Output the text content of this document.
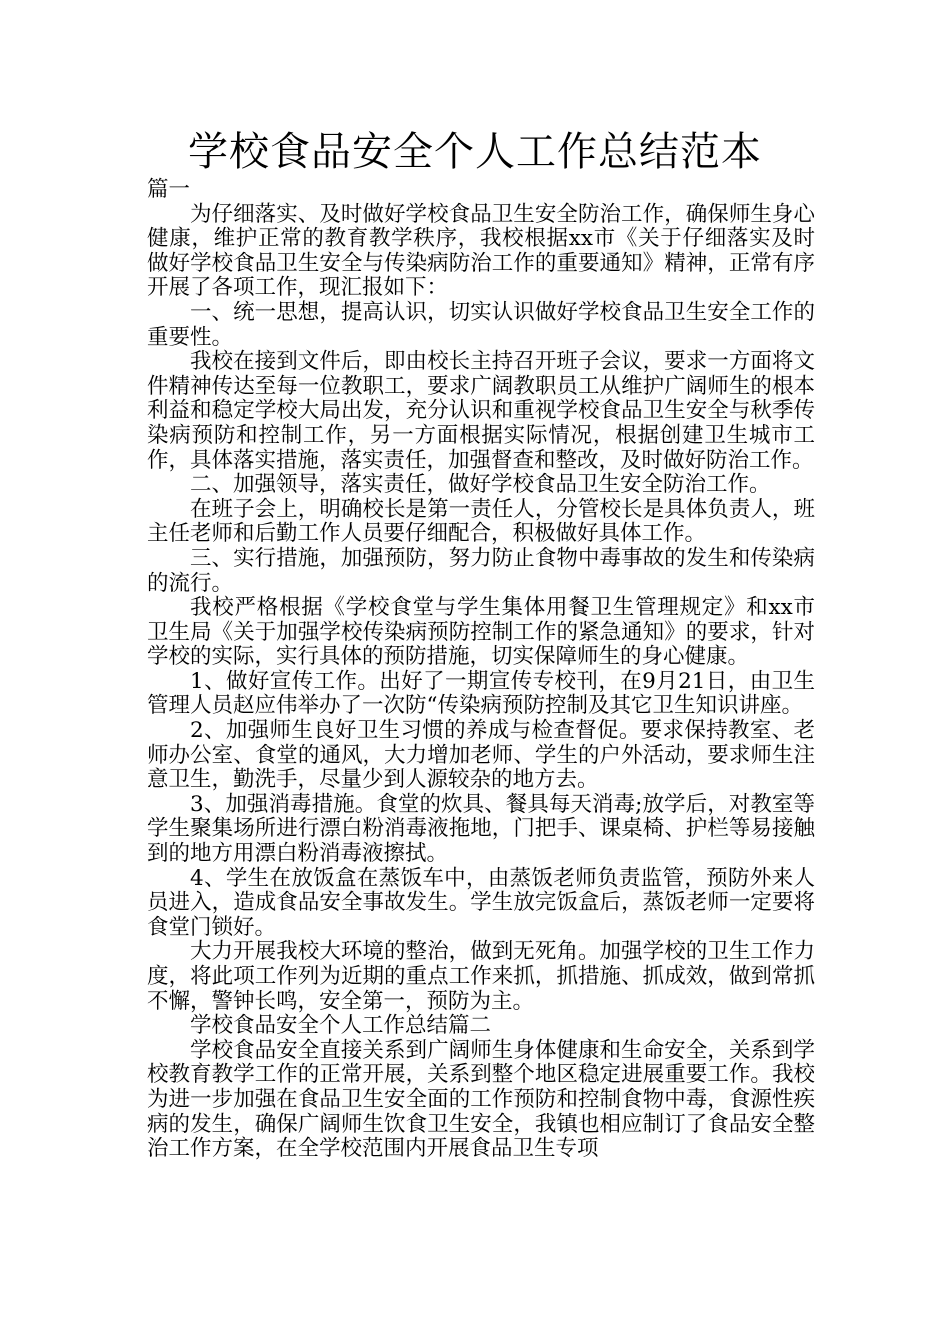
学校食品安全个人工作总结范本

篇一

为仔细落实、及时做好学校食品卫生安全防治工作，确保师生身心健康，维护正常的教育教学秩序，我校根据xx市《关于仔细落实及时做好学校食品卫生安全与传染病防治工作的重要通知》精神，正常有序开展了各项工作，现汇报如下：

一、统一思想，提高认识，切实认识做好学校食品卫生安全工作的重要性。

我校在接到文件后，即由校长主持召开班子会议，要求一方面将文件精神传达至每一位教职工，要求广阔教职员工从维护广阔师生的根本利益和稳定学校大局出发，充分认识和重视学校食品卫生安全与秋季传染病预防和控制工作，另一方面根据实际情况，根据创建卫生城市工作，具体落实措施，落实责任，加强督查和整改，及时做好防治工作。

二、加强领导，落实责任，做好学校食品卫生安全防治工作。

在班子会上，明确校长是第一责任人，分管校长是具体负责人，班主任老师和后勤工作人员要仔细配合，积极做好具体工作。

三、实行措施，加强预防，努力防止食物中毒事故的发生和传染病的流行。

我校严格根据《学校食堂与学生集体用餐卫生管理规定》和xx市卫生局《关于加强学校传染病预防控制工作的紧急通知》的要求，针对学校的实际，实行具体的预防措施，切实保障师生的身心健康。

1、做好宣传工作。出好了一期宣传专校刊，在9月21日，由卫生管理人员赵应伟举办了一次防“传染病预防控制及其它卫生知识讲座。

2、加强师生良好卫生习惯的养成与检查督促。要求保持教室、老师办公室、食堂的通风，大力增加老师、学生的户外活动，要求师生注意卫生，勤洗手，尽量少到人源较杂的地方去。

3、加强消毒措施。食堂的炊具、餐具每天消毒;放学后，对教室等学生聚集场所进行漂白粉消毒液拖地，门把手、课桌椅、护栏等易接触到的地方用漂白粉消毒液擦拭。

4、学生在放饭盒在蒸饭车中，由蒸饭老师负责监管，预防外来人员进入，造成食品安全事故发生。学生放完饭盒后，蒸饭老师一定要将食堂门锁好。

大力开展我校大环境的整治，做到无死角。加强学校的卫生工作力度，将此项工作列为近期的重点工作来抓，抓措施、抓成效，做到常抓不懈，警钟长鸣，安全第一，预防为主。

学校食品安全个人工作总结篇二

学校食品安全直接关系到广阔师生身体健康和生命安全，关系到学校教育教学工作的正常开展，关系到整个地区稳定进展重要工作。我校为进一步加强在食品卫生安全面的工作预防和控制食物中毒，食源性疾病的发生，确保广阔师生饮食卫生安全，我镇也相应制订了食品安全整治工作方案，在全学校范围内开展食品卫生专项
